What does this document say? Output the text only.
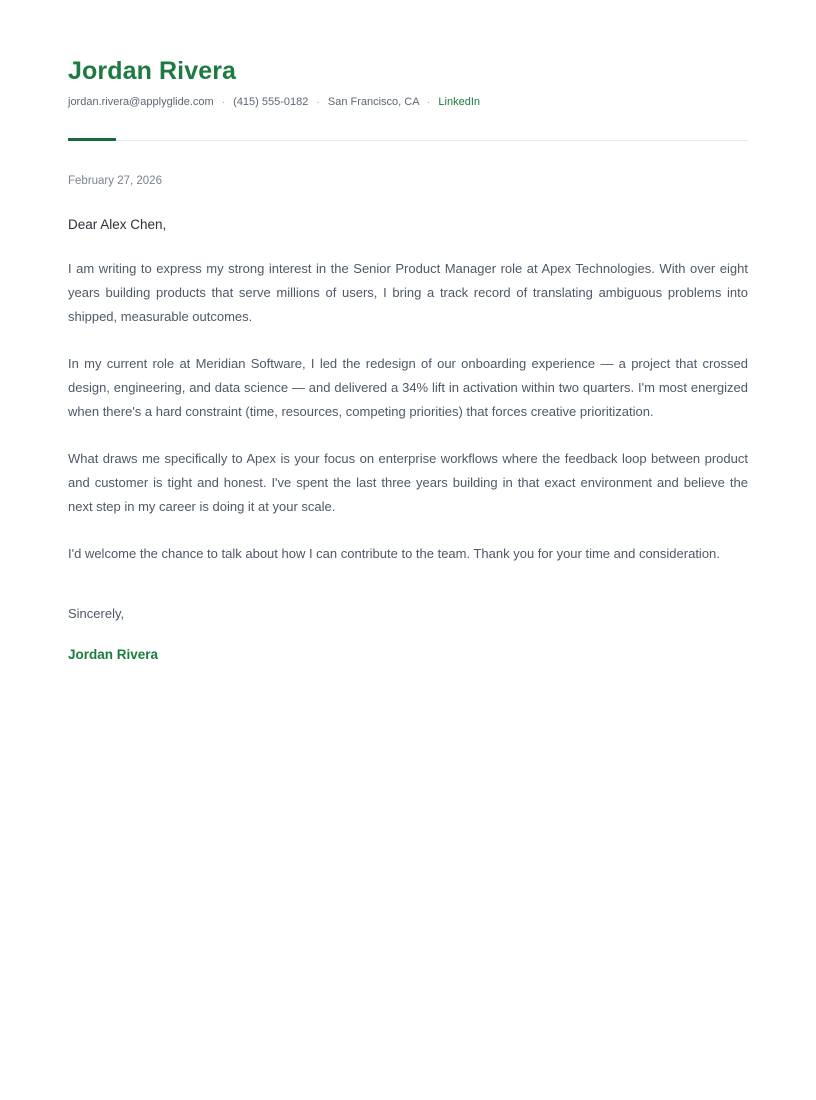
Jordan Rivera
jordan.rivera@applyglide.com · (415) 555-0182 · San Francisco, CA · LinkedIn

February 27, 2026

Dear Alex Chen,

I am writing to express my strong interest in the Senior Product Manager role at Apex Technologies. With over eight years building products that serve millions of users, I bring a track record of translating ambiguous problems into shipped, measurable outcomes.

In my current role at Meridian Software, I led the redesign of our onboarding experience — a project that crossed design, engineering, and data science — and delivered a 34% lift in activation within two quarters. I'm most energized when there's a hard constraint (time, resources, competing priorities) that forces creative prioritization.

What draws me specifically to Apex is your focus on enterprise workflows where the feedback loop between product and customer is tight and honest. I've spent the last three years building in that exact environment and believe the next step in my career is doing it at your scale.

I'd welcome the chance to talk about how I can contribute to the team. Thank you for your time and consideration.

Sincerely,

Jordan Rivera
